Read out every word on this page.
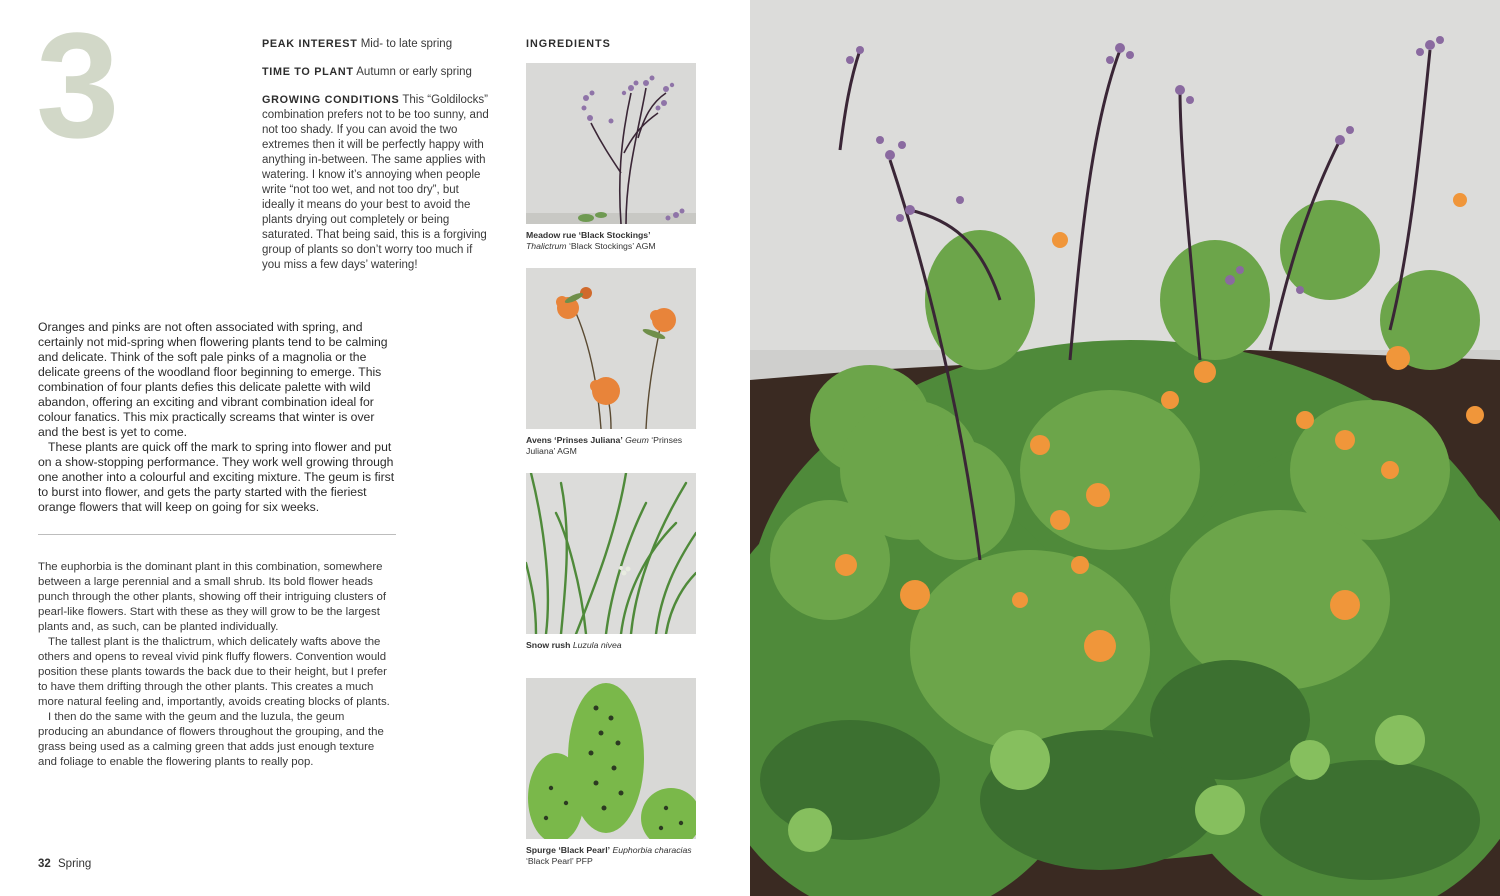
3	PEAK INTEREST Mid- to late spring

TIME TO PLANT Autumn or early spring

GROWING CONDITIONS This “Goldilocks” combination prefers not to be too sunny, and not too shady. If you can avoid the two extremes then it will be perfectly happy with anything in-between. The same applies with watering. I know it’s annoying when people write “not too wet, and not too dry”, but ideally it means do your best to avoid the plants drying out completely or being saturated. That being said, this is a forgiving group of plants so don’t worry too much if you miss a few days’ watering!

Oranges and pinks are not often associated with spring, and certainly not mid-spring when flowering plants tend to be calming and delicate. Think of the soft pale pinks of a magnolia or the delicate greens of the woodland floor beginning to emerge. This combination of four plants defies this delicate palette with wild abandon, offering an exciting and vibrant combination ideal for colour fanatics. This mix practically screams that winter is over and the best is yet to come.

These plants are quick off the mark to spring into flower and put on a show-stopping performance. They work well growing through one another into a colourful and exciting mixture. The geum is first to burst into flower, and gets the party started with the fieriest orange flowers that will keep on going for six weeks.

The euphorbia is the dominant plant in this combination, somewhere between a large perennial and a small shrub. Its bold flower heads punch through the other plants, showing off their intriguing clusters of pearl-like flowers. Start with these as they will grow to be the largest plants and, as such, can be planted individually.

The tallest plant is the thalictrum, which delicately wafts above the others and opens to reveal vivid pink fluffy flowers. Convention would position these plants towards the back due to their height, but I prefer to have them drifting through the other plants. This creates a much more natural feeling and, importantly, avoids creating blocks of plants.

I then do the same with the geum and the luzula, the geum producing an abundance of flowers throughout the grouping, and the grass being used as a calming green that adds just enough texture and foliage to enable the flowering plants to really pop.

INGREDIENTS
Meadow rue ‘Black Stockings’
Thalictrum ‘Black Stockings’ AGM
Avens ‘Prinses Juliana’ Geum ‘Prinses Juliana’ AGM
Snow rush Luzula nivea
Spurge ‘Black Pearl’ Euphorbia characias ‘Black Pearl’ PFP
32 Spring
